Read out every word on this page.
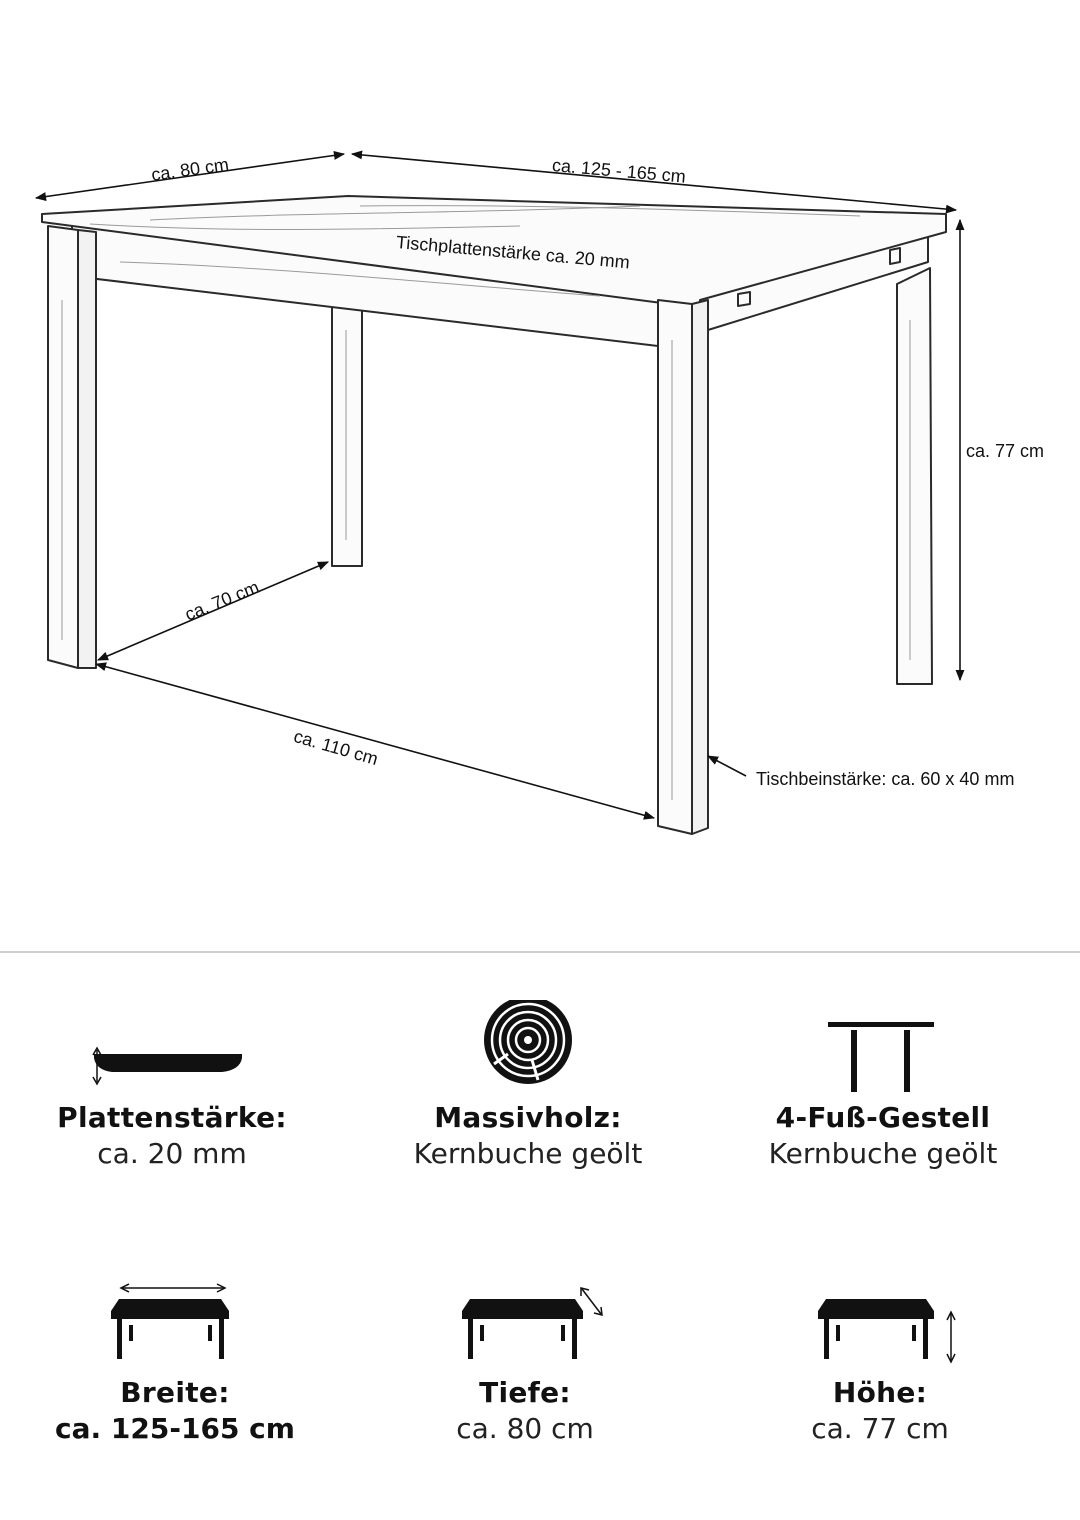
ca. 80 cm	ca. 125 - 165 cm
Tischplattenstärke ca. 20 mm
ca. 77 cm
ca. 70 cm
ca. 110 cm
Tischbeinstärke: ca. 60 x 40 mm
Plattenstärke:
ca. 20 mm
Massivholz:
Kernbuche geölt
4-Fuß-Gestell
Kernbuche geölt
Breite:
ca. 125-165 cm
Tiefe:
ca. 80 cm
Höhe:
ca. 77 cm
